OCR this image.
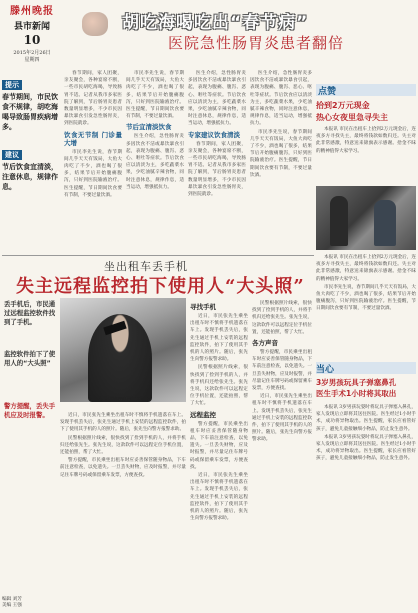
滕州晚报
县市新闻
10
2015年2月26日
星期四
胡吃海喝吃出“春节病”
医院急性肠胃炎患者翻倍
提示

春节期间，市民饮食不规律，胡吃海喝导致肠胃疾病增多。

建议

节后饮食宜清淡，注意休息，规律作息。

春节期间，家人团聚，亲友聚会，各种宴席不断，一些市民胡吃海喝，导致肠胃不适。记者从我市多家医院了解到，节后肠胃炎患者数量明显增多，不少市民因暴饮暴食引发急性肠胃炎，到医院就诊。
饮食无节制 门诊量大增
市民李先生说，春节期间几乎天天有饭局，大鱼大肉吃了不少，酒也喝了很多，结果节后开始腹痛腹泻，只好到医院输液治疗。医生提醒，节日期间饮食要有节制，不要过量饮酒。
市民李先生说，春节期间几乎天天有饭局，大鱼大肉吃了不少，酒也喝了很多，结果节后开始腹痛腹泻，只好到医院输液治疗。医生提醒，节日期间饮食要有节制，不要过量饮酒。
节后宜清淡饮食
医生介绍，急性肠胃炎多因饮食不洁或暴饮暴食引起，表现为腹痛、腹泻、恶心、呕吐等症状。节后饮食应以清淡为主，多吃蔬菜水果，少吃油腻辛辣食物，同时注意休息，规律作息，适当运动，增强抵抗力。
医生介绍，急性肠胃炎多因饮食不洁或暴饮暴食引起，表现为腹痛、腹泻、恶心、呕吐等症状。节后饮食应以清淡为主，多吃蔬菜水果，少吃油腻辛辣食物，同时注意休息，规律作息，适当运动，增强抵抗力。
专家建议饮食清淡
春节期间，家人团聚，亲友聚会，各种宴席不断，一些市民胡吃海喝，导致肠胃不适。记者从我市多家医院了解到，节后肠胃炎患者数量明显增多，不少市民因暴饮暴食引发急性肠胃炎，到医院就诊。
医生介绍，急性肠胃炎多因饮食不洁或暴饮暴食引起，表现为腹痛、腹泻、恶心、呕吐等症状。节后饮食应以清淡为主，多吃蔬菜水果，少吃油腻辛辣食物，同时注意休息，规律作息，适当运动，增强抵抗力。
市民李先生说，春节期间几乎天天有饭局，大鱼大肉吃了不少，酒也喝了很多，结果节后开始腹痛腹泻，只好到医院输液治疗。医生提醒，节日期间饮食要有节制，不要过量饮酒。
点赞
拾到2万元现金
热心女夜里急寻失主
本报讯 市民在出租车上拾到2万元现金后，连夜多方寻找失主，最终将钱款如数归还。失主对此非常感激，特意送来锦旗表示感谢。拾金不昧的精神值得大家学习。
本报讯 市民在出租车上拾到2万元现金后，连夜多方寻找失主，最终将钱款如数归还。失主对此非常感激，特意送来锦旗表示感谢。拾金不昧的精神值得大家学习。
市民李先生说，春节期间几乎天天有饭局，大鱼大肉吃了不少，酒也喝了很多，结果节后开始腹痛腹泻，只好到医院输液治疗。医生提醒，节日期间饮食要有节制，不要过量饮酒。
坐出租车丢手机
失主远程监控拍下使用人“大头照”
丢手机后，市民通过远程监控软件找到了手机。
监控软件拍下了使用人的“大头照”
警方提醒，丢失手机应及时报警。
警方展示远程监控拍下的“大头照”
近日，市民张先生乘坐出租车时不慎将手机遗落在车上。发现手机丢失后，张先生通过手机上安装的远程监控软件，拍下了使用其手机的人的照片。随后，张先生向警方报警求助。
民警根据照片线索，很快找到了捡到手机的人，并将手机归还给张先生。张先生说，这款软件可以远程定位手机位置，还能拍照，帮了大忙。
警方提醒，市民乘坐出租车时应妥善保管随身物品，下车前注意检查，以免遗失。一旦丢失财物，应及时报警，并尽量记住车牌号码或保留乘车发票，方便查找。
寻找手机
近日，市民张先生乘坐出租车时不慎将手机遗落在车上。发现手机丢失后，张先生通过手机上安装的远程监控软件，拍下了使用其手机的人的照片。随后，张先生向警方报警求助。
民警根据照片线索，很快找到了捡到手机的人，并将手机归还给张先生。张先生说，这款软件可以远程定位手机位置，还能拍照，帮了大忙。
远程监控
警方提醒，市民乘坐出租车时应妥善保管随身物品，下车前注意检查，以免遗失。一旦丢失财物，应及时报警，并尽量记住车牌号码或保留乘车发票，方便查找。
近日，市民张先生乘坐出租车时不慎将手机遗落在车上。发现手机丢失后，张先生通过手机上安装的远程监控软件，拍下了使用其手机的人的照片。随后，张先生向警方报警求助。
民警根据照片线索，很快找到了捡到手机的人，并将手机归还给张先生。张先生说，这款软件可以远程定位手机位置，还能拍照，帮了大忙。
各方声音
警方提醒，市民乘坐出租车时应妥善保管随身物品，下车前注意检查，以免遗失。一旦丢失财物，应及时报警，并尽量记住车牌号码或保留乘车发票，方便查找。
近日，市民张先生乘坐出租车时不慎将手机遗落在车上。发现手机丢失后，张先生通过手机上安装的远程监控软件，拍下了使用其手机的人的照片。随后，张先生向警方报警求助。
当心
3岁男孩玩具子弹塞鼻孔
医生手术1小时将其取出
本报讯 3岁男孩玩耍时将玩具子弹塞入鼻孔，家人发现后立即将其送往医院。医生经过1小时手术，成功将异物取出。医生提醒，家长应看管好孩子，避免儿童接触细小物品，防止发生意外。
本报讯 3岁男孩玩耍时将玩具子弹塞入鼻孔，家人发现后立即将其送往医院。医生经过1小时手术，成功将异物取出。医生提醒，家长应看管好孩子，避免儿童接触细小物品，防止发生意外。
编辑 刘芳
美编 王强
